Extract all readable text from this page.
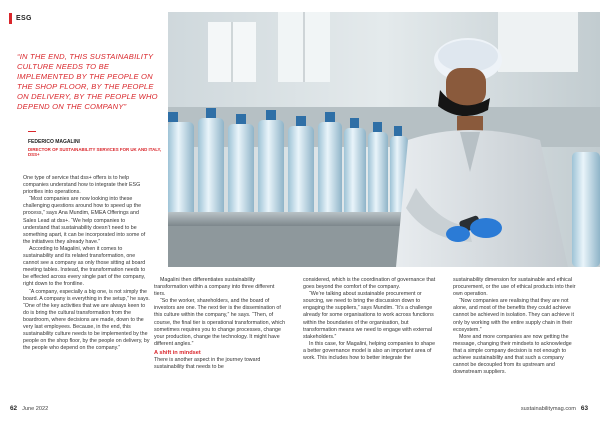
ESG
“IN THE END, THIS SUSTAINABILITY CULTURE NEEDS TO BE IMPLEMENTED BY THE PEOPLE ON THE SHOP FLOOR, BY THE PEOPLE ON DELIVERY, BY THE PEOPLE WHO DEPEND ON THE COMPANY”
FEDERICO MAGALINI
DIRECTOR OF SUSTAINABILITY SERVICES FOR UK AND ITALY, DSS+

One type of service that dss+ offers is to help companies understand how to integrate their ESG priorities into operations.

“Most companies are now looking into these challenging questions around how to speed up the process,” says Ana Mundim, EMEA Offerings and Sales Lead at dss+. “We help companies to understand that sustainability doesn’t need to be something apart, it can be incorporated into some of the initiatives they already have.”

According to Magalini, when it comes to sustainability and its related transformation, one cannot see a company as only those sitting at board meeting tables. Instead, the transformation needs to be effected across every single part of the company, right down to the frontline.

“A company, especially a big one, is not simply the board. A company is everything in the setup,” he says. “One of the key activities that we are always keen to do is bring the cultural transformation from the boardroom, where decisions are made, down to the very last employees. Because, in the end, this sustainability culture needs to be implemented by the people on the shop floor, by the people on delivery, by the people who depend on the company.”

Magalini then differentiates sustainability transformation within a company into three different tiers.

“So the worker, shareholders, and the board of investors are one. The next tier is the dissemination of this culture within the company,” he says. “Then, of course, the final tier is operational transformation, which sometimes requires you to change processes, change your production, change the technology. It might have different angles.”

A shift in mindset

There is another aspect in the journey toward sustainability that needs to be

considered, which is the coordination of governance that goes beyond the comfort of the company.

“We’re talking about sustainable procurement or sourcing, we need to bring the discussion down to engaging the suppliers,” says Mundim. “It’s a challenge already for some organisations to work across functions within the boundaries of the organisation, but transformation means we need to engage with external stakeholders.”

In this case, for Magalini, helping companies to shape a better governance model is also an important area of work. This includes how to better integrate the

sustainability dimension for sustainable and ethical procurement, or the use of ethical products into their own operation.

“Now companies are realising that they are not alone, and most of the benefits they could achieve cannot be achieved in isolation. They can achieve it only by working with the entire supply chain in their ecosystem.”

More and more companies are now getting the message, changing their mindsets to acknowledge that a simple company decision is not enough to achieve sustainability and that such a company cannot be decoupled from its upstream and downstream suppliers.

62 June 2022	sustainabilitymag.com 63
